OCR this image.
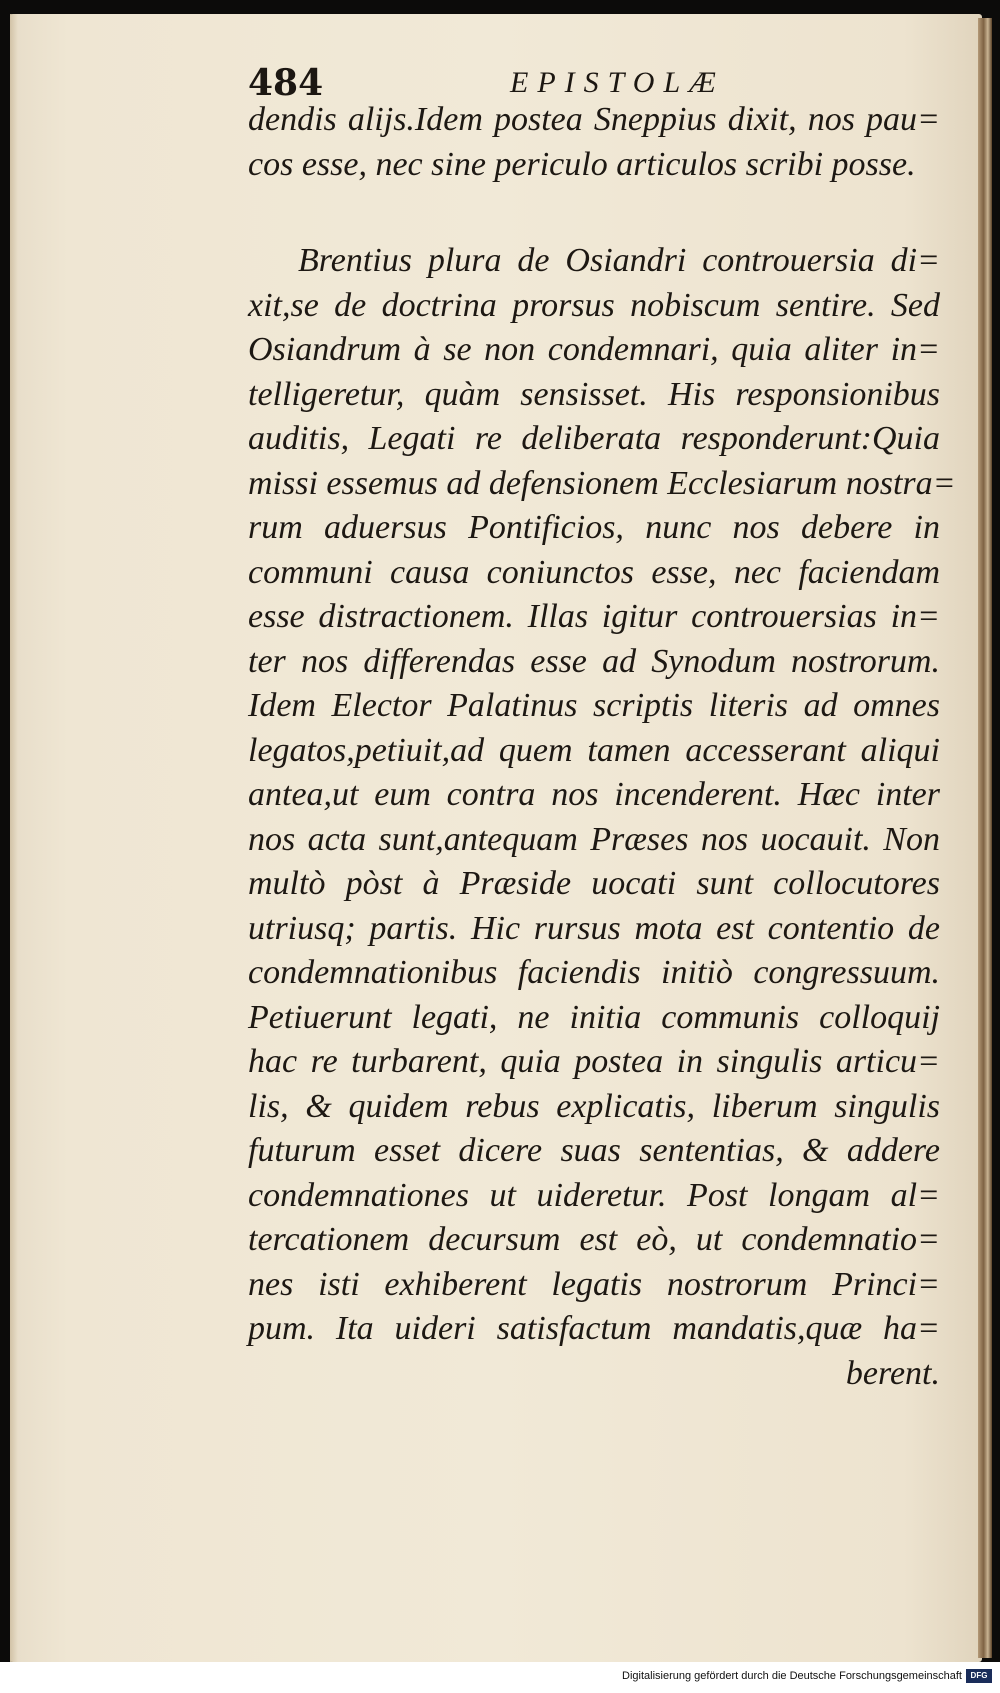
484	EPISTOLÆ
dendis alijs.Idem postea Sneppius dixit, nos pau=
cos esse, nec sine periculo articulos scribi posse.
Brentius plura de Osiandri controuersia di=
xit,se de doctrina prorsus nobiscum sentire. Sed
Osiandrum à se non condemnari, quia aliter in=
telligeretur, quàm sensisset. His responsionibus
auditis, Legati re deliberata responderunt:Quia
missi essemus ad defensionem Ecclesiarum nostra=
rum aduersus Pontificios, nunc nos debere in
communi causa coniunctos esse, nec faciendam
esse distractionem. Illas igitur controuersias in=
ter nos differendas esse ad Synodum nostrorum.
Idem Elector Palatinus scriptis literis ad omnes
legatos,petiuit,ad quem tamen accesserant aliqui
antea,ut eum contra nos incenderent. Hæc inter
nos acta sunt,antequam Præses nos uocauit. Non
multò pòst à Præside uocati sunt collocutores
utriusq; partis. Hic rursus mota est contentio de
condemnationibus faciendis initiò congressuum.
Petiuerunt legati, ne initia communis colloquij
hac re turbarent, quia postea in singulis articu=
lis, & quidem rebus explicatis, liberum singulis
futurum esset dicere suas sententias, & addere
condemnationes ut uideretur. Post longam al=
tercationem decursum est eò, ut condemnatio=
nes isti exhiberent legatis nostrorum Princi=
pum. Ita uideri satisfactum mandatis,quæ ha=
berent.
Digitalisierung gefördert durch die Deutsche Forschungsgemeinschaft	DFG
